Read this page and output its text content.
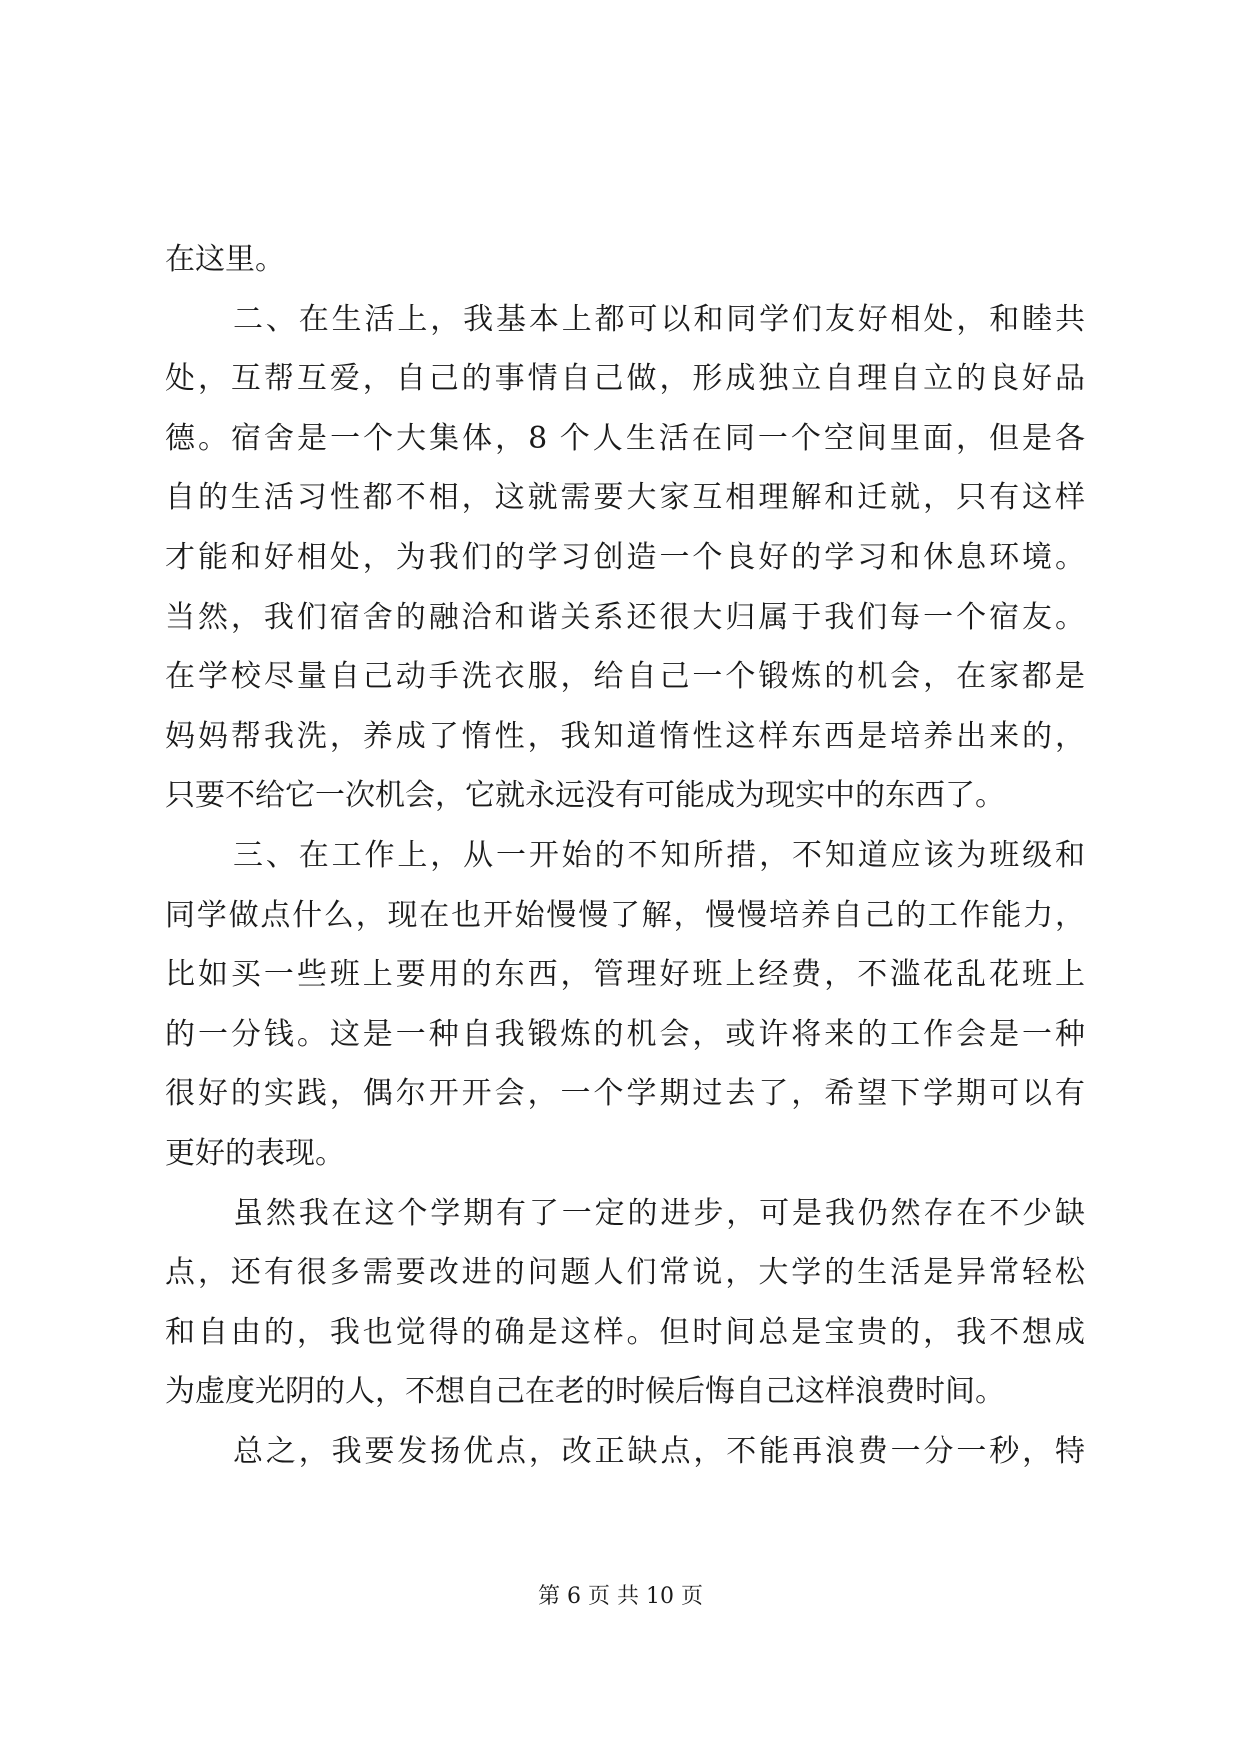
在这里。
二、在生活上，我基本上都可以和同学们友好相处，和睦共
处，互帮互爱，自己的事情自己做，形成独立自理自立的良好品
德。宿舍是一个大集体，8 个人生活在同一个空间里面，但是各
自的生活习性都不相，这就需要大家互相理解和迁就，只有这样
才能和好相处，为我们的学习创造一个良好的学习和休息环境。
当然，我们宿舍的融洽和谐关系还很大归属于我们每一个宿友。
在学校尽量自己动手洗衣服，给自己一个锻炼的机会，在家都是
妈妈帮我洗，养成了惰性，我知道惰性这样东西是培养出来的，
只要不给它一次机会，它就永远没有可能成为现实中的东西了。
三、在工作上，从一开始的不知所措，不知道应该为班级和
同学做点什么，现在也开始慢慢了解，慢慢培养自己的工作能力，
比如买一些班上要用的东西，管理好班上经费，不滥花乱花班上
的一分钱。这是一种自我锻炼的机会，或许将来的工作会是一种
很好的实践，偶尔开开会，一个学期过去了，希望下学期可以有
更好的表现。
虽然我在这个学期有了一定的进步，可是我仍然存在不少缺
点，还有很多需要改进的问题人们常说，大学的生活是异常轻松
和自由的，我也觉得的确是这样。但时间总是宝贵的，我不想成
为虚度光阴的人，不想自己在老的时候后悔自己这样浪费时间。
总之，我要发扬优点，改正缺点，不能再浪费一分一秒，特
第 6 页 共 10 页
